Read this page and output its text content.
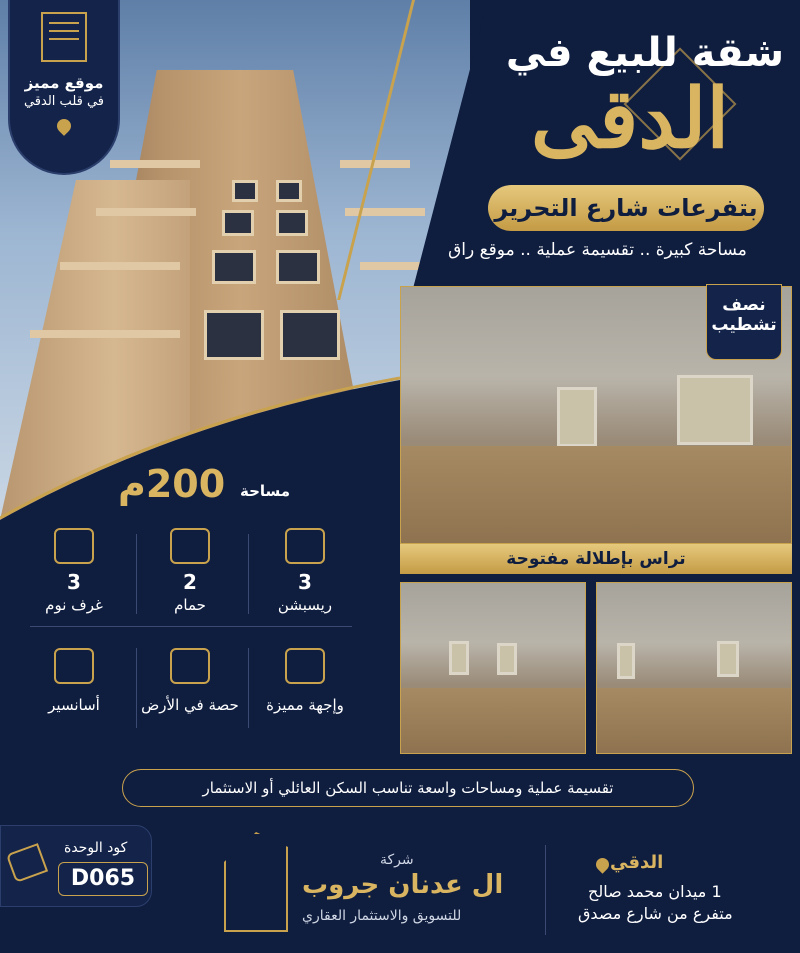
موقع مميز
في قلب الدقي
شقة للبيع في
الدقى
بتفرعات شارع التحرير
مساحة كبيرة .. تقسيمة عملية .. موقع راق
نصف
تشطيب
تراس بإطلالة مفتوحة
مساحة
200م
3
ريسبشن
2
حمام
3
غرف نوم
وإجهة مميزة
حصة في الأرض
أسانسير
تقسيمة عملية ومساحات واسعة تناسب السكن العائلي أو الاستثمار
كود الوحدة
D065
شركة
ال عدنان جروب
للتسويق والاستثمار العقاري
الدقي
1 ميدان محمد صالح
متفرع من شارع مصدق
